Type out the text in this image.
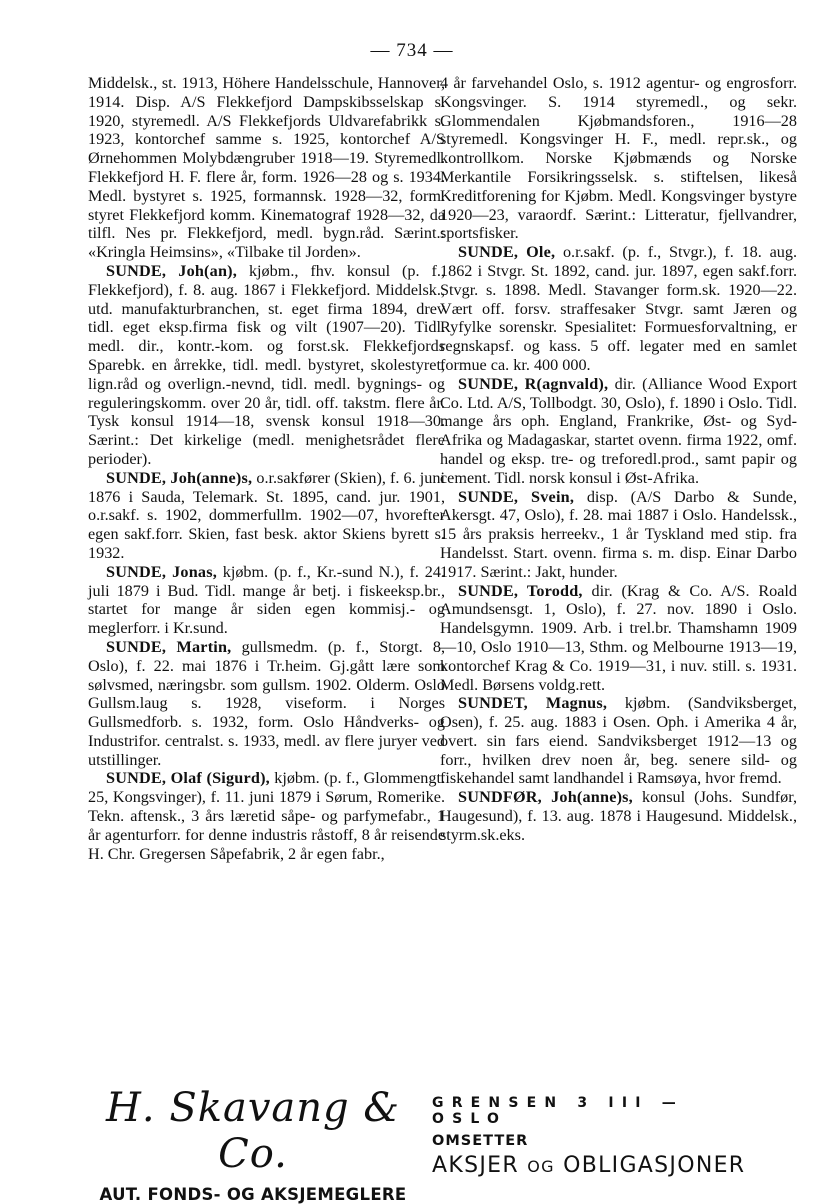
— 734 —

Middelsk., st. 1913, Höhere Handelsschule, Hannover, 1914. Disp. A/S Flekkefjord Dampskibsselskap s. 1920, styremedl. A/S Flekkefjords Uldvarefabrikk s. 1923, kontorchef samme s. 1925, kontorchef A/S Ørnehommen Molybdængruber 1918—19. Styremedl. Flekkefjord H. F. flere år, form. 1926—28 og s. 1934. Medl. bystyret s. 1925, formannsk. 1928—32, form. styret Flekkefjord komm. Kinematograf 1928—32, da tilfl. Nes pr. Flekkefjord, medl. bygn.råd. Særint.: «Kringla Heimsins», «Tilbake til Jorden».

SUNDE, Joh(an), kjøbm., fhv. konsul (p. f., Flekkefjord), f. 8. aug. 1867 i Flekkefjord. Middelsk., utd. manufakturbranchen, st. eget firma 1894, drev tidl. eget eksp.firma fisk og vilt (1907—20). Tidl. medl. dir., kontr.-kom. og forst.sk. Flekkefjords Sparebk. en årrekke, tidl. medl. bystyret, skolestyret, lign.råd og overlign.-nevnd, tidl. medl. bygnings- og reguleringskomm. over 20 år, tidl. off. takstm. flere år. Tysk konsul 1914—18, svensk konsul 1918—30. Særint.: Det kirkelige (medl. menighetsrådet flere perioder).

SUNDE, Joh(anne)s, o.r.sakfører (Skien), f. 6. juni 1876 i Sauda, Telemark. St. 1895, cand. jur. 1901, o.r.sakf. s. 1902, dommerfullm. 1902—07, hvorefter egen sakf.forr. Skien, fast besk. aktor Skiens byrett s. 1932.

SUNDE, Jonas, kjøbm. (p. f., Kr.-sund N.), f. 24. juli 1879 i Bud. Tidl. mange år betj. i fiskeeksp.br., startet for mange år siden egen kommisj.- og meglerforr. i Kr.sund.

SUNDE, Martin, gullsmedm. (p. f., Storgt. 8, Oslo), f. 22. mai 1876 i Tr.heim. Gj.gått lære som sølvsmed, næringsbr. som gullsm. 1902. Olderm. Oslo Gullsm.laug s. 1928, viseform. i Norges Gullsmedforb. s. 1932, form. Oslo Håndverks- og Industrifor. centralst. s. 1933, medl. av flere juryer ved utstillinger.

SUNDE, Olaf (Sigurd), kjøbm. (p. f., Glommengt. 25, Kongsvinger), f. 11. juni 1879 i Sørum, Romerike. Tekn. aftensk., 3 års læretid såpe- og parfymefabr., 1 år agenturforr. for denne industris råstoff, 8 år reisende H. Chr. Gregersen Såpefabrik, 2 år egen fabr.,

4 år farvehandel Oslo, s. 1912 agentur- og engrosforr. Kongsvinger. S. 1914 styremedl., og sekr. Glommendalen Kjøbmandsforen., 1916—28 styremedl. Kongsvinger H. F., medl. repr.sk., og kontrollkom. Norske Kjøbmænds og Norske Merkantile Forsikringsselsk. s. stiftelsen, likeså Kreditforening for Kjøbm. Medl. Kongsvinger bystyre 1920—23, varaordf. Særint.: Litteratur, fjellvandrer, sportsfisker.

SUNDE, Ole, o.r.sakf. (p. f., Stvgr.), f. 18. aug. 1862 i Stvgr. St. 1892, cand. jur. 1897, egen sakf.forr. Stvgr. s. 1898. Medl. Stavanger form.sk. 1920—22. Vært off. forsv. straffesaker Stvgr. samt Jæren og Ryfylke sorenskr. Spesialitet: Formuesforvaltning, er regnskapsf. og kass. 5 off. legater med en samlet formue ca. kr. 400 000.

SUNDE, R(agnvald), dir. (Alliance Wood Export Co. Ltd. A/S, Tollbodgt. 30, Oslo), f. 1890 i Oslo. Tidl. mange års oph. England, Frankrike, Øst- og Syd-Afrika og Madagaskar, startet ovenn. firma 1922, omf. handel og eksp. tre- og treforedl.prod., samt papir og cement. Tidl. norsk konsul i Øst-Afrika.

SUNDE, Svein, disp. (A/S Darbo & Sunde, Akersgt. 47, Oslo), f. 28. mai 1887 i Oslo. Handelssk., 15 års praksis herreekv., 1 år Tyskland med stip. fra Handelsst. Start. ovenn. firma s. m. disp. Einar Darbo 1917. Særint.: Jakt, hunder.

SUNDE, Torodd, dir. (Krag & Co. A/S. Roald Amundsensgt. 1, Oslo), f. 27. nov. 1890 i Oslo. Handelsgymn. 1909. Arb. i trel.br. Thamshamn 1909—10, Oslo 1910—13, Sthm. og Melbourne 1913—19, kontorchef Krag & Co. 1919—31, i nuv. still. s. 1931. Medl. Børsens voldg.rett.

SUNDET, Magnus, kjøbm. (Sandviksberget, Osen), f. 25. aug. 1883 i Osen. Oph. i Amerika 4 år, overt. sin fars eiend. Sandviksberget 1912—13 og forr., hvilken drev noen år, beg. senere sild- og fiskehandel samt landhandel i Ramsøya, hvor fremd.

SUNDFØR, Joh(anne)s, konsul (Johs. Sundfør, Haugesund), f. 13. aug. 1878 i Haugesund. Middelsk., styrm.sk.eks.

H. Skavang & Co.
AUT. FONDS- OG AKSJEMEGLERE
GRENSEN 3 III — OSLO
OMSETTER
AKSJER OG OBLIGASJONER
